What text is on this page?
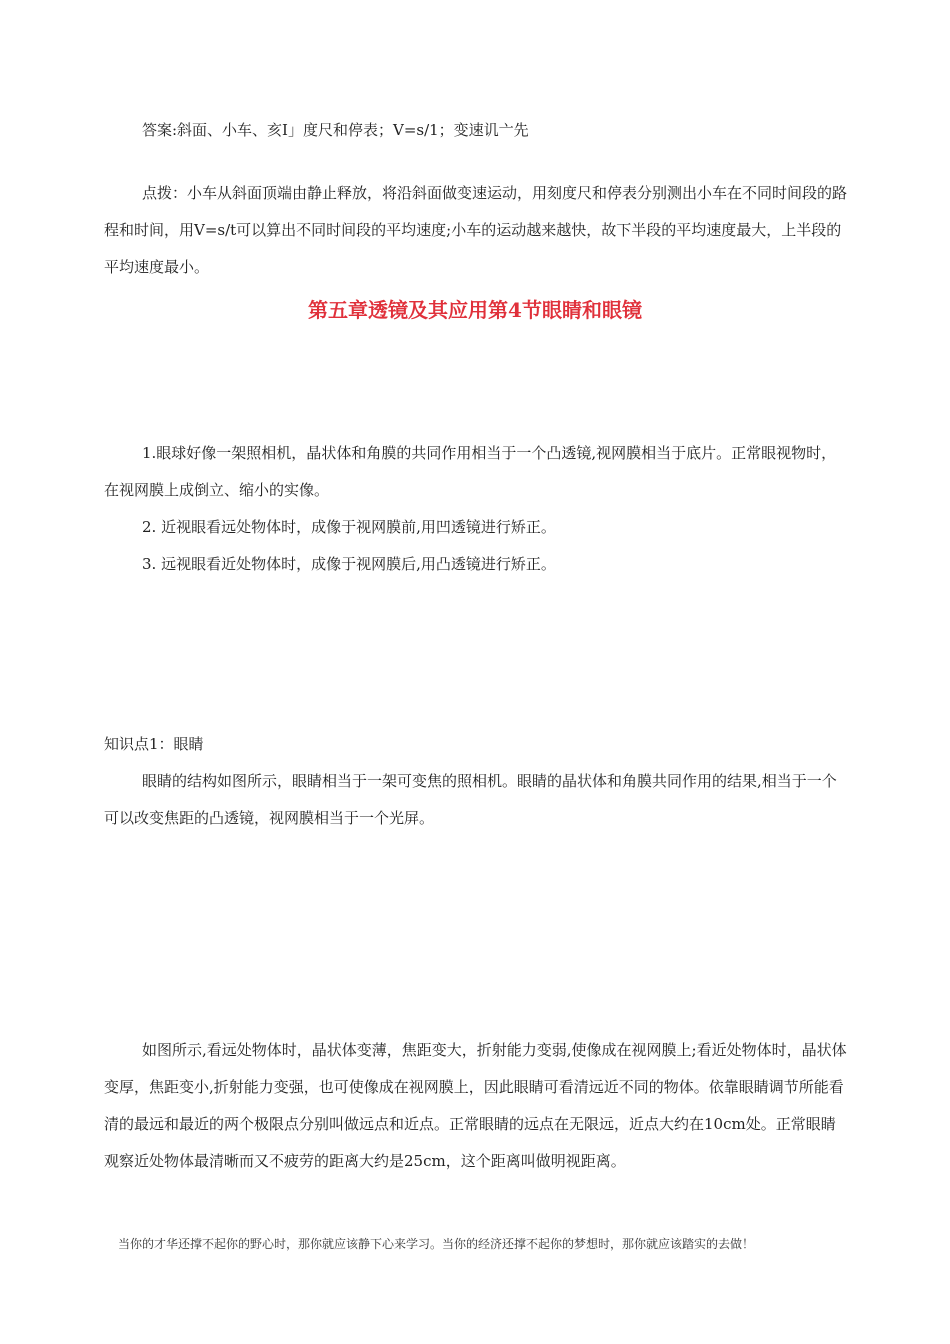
答案:斜面、小车、亥I」度尺和停表；V=s/1；变速讥亠先

点拨：小车从斜面顶端由静止释放，将沿斜面做变速运动，用刻度尺和停表分别测出小车在不同时间段的路程和时间，用V=s/t可以算出不同时间段的平均速度;小车的运动越来越快，故下半段的平均速度最大，上半段的平均速度最小。

第五章透镜及其应用第4节眼睛和眼镜

1.眼球好像一架照相机，晶状体和角膜的共同作用相当于一个凸透镜,视网膜相当于底片。正常眼视物时，在视网膜上成倒立、缩小的实像。

2. 近视眼看远处物体时，成像于视网膜前,用凹透镜进行矫正。

3. 远视眼看近处物体时，成像于视网膜后,用凸透镜进行矫正。

知识点1：眼睛

眼睛的结构如图所示，眼睛相当于一架可变焦的照相机。眼睛的晶状体和角膜共同作用的结果,相当于一个可以改变焦距的凸透镜，视网膜相当于一个光屏。

如图所示,看远处物体时，晶状体变薄，焦距变大，折射能力变弱,使像成在视网膜上;看近处物体时，晶状体变厚，焦距变小,折射能力变强，也可使像成在视网膜上，因此眼睛可看清远近不同的物体。依靠眼睛调节所能看清的最远和最近的两个极限点分别叫做远点和近点。正常眼睛的远点在无限远，近点大约在10cm处。正常眼睛观察近处物体最清晰而又不疲劳的距离大约是25cm，这个距离叫做明视距离。

当你的才华还撑不起你的野心时，那你就应该静下心来学习。当你的经济还撑不起你的梦想时，那你就应该踏实的去做！
